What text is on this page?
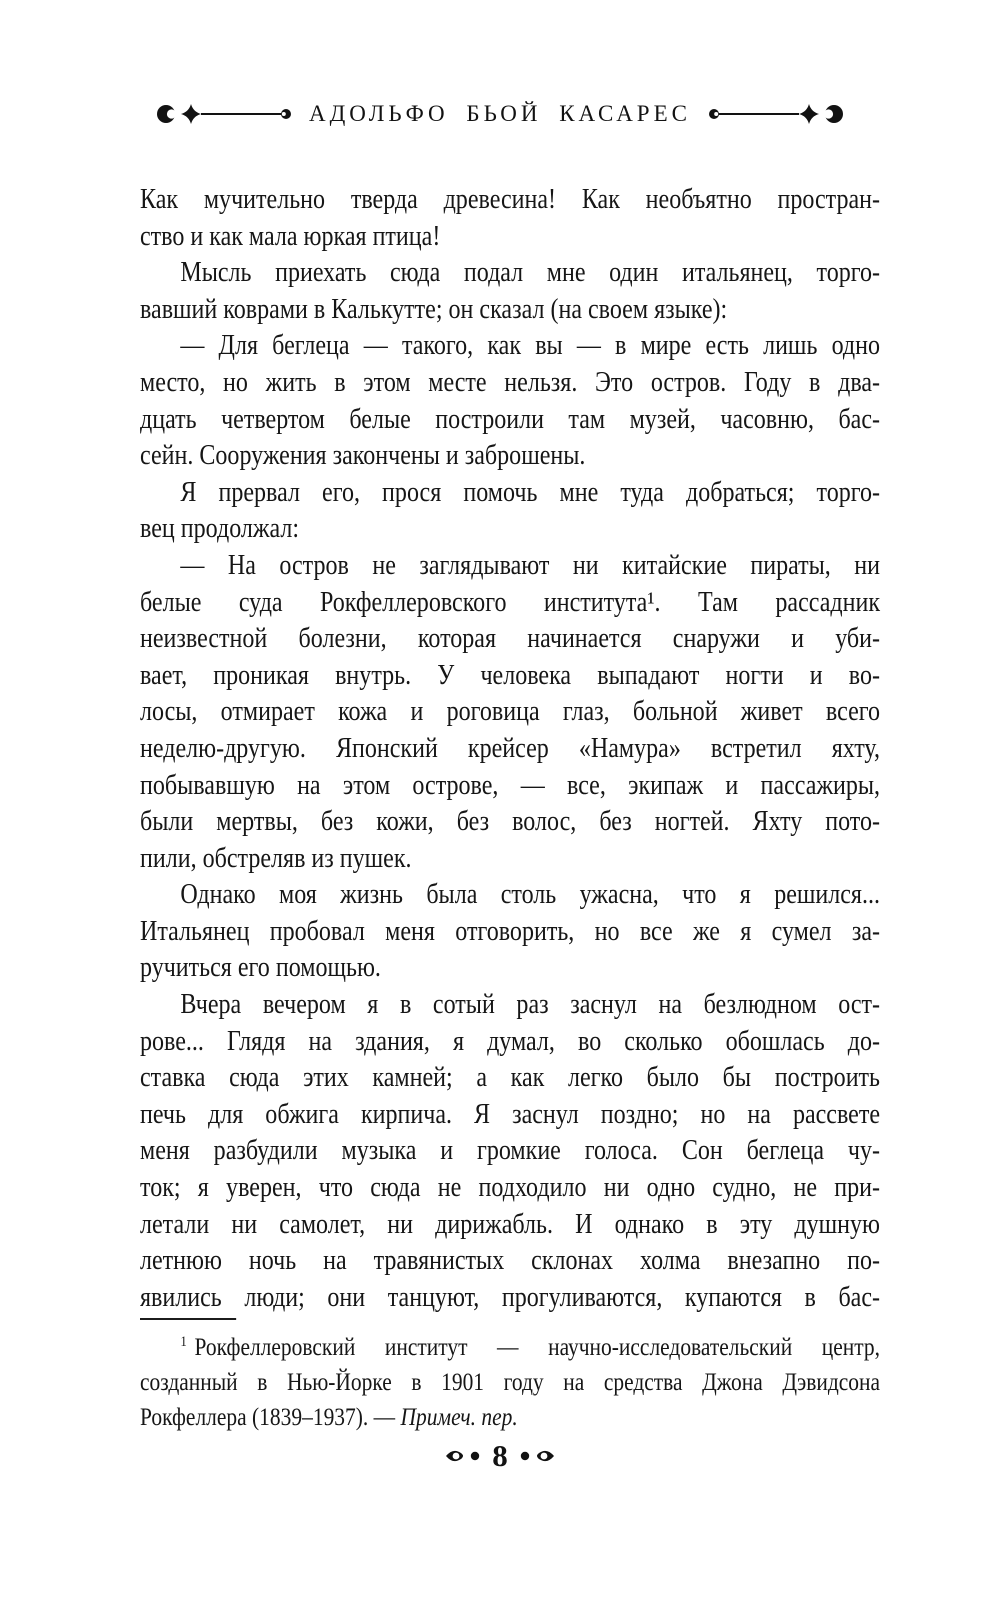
АДОЛЬФО БЬОЙ КАСАРЕС
Как мучительно тверда древесина! Как необъятно простран-
ство и как мала юркая птица!
Мысль приехать сюда подал мне один итальянец, торго-
вавший коврами в Калькутте; он сказал (на своем языке):
— Для беглеца — такого, как вы — в мире есть лишь одно
место, но жить в этом месте нельзя. Это остров. Году в два-
дцать четвертом белые построили там музей, часовню, бас-
сейн. Сооружения закончены и заброшены.
Я прервал его, прося помочь мне туда добраться; торго-
вец продолжал:
— На остров не заглядывают ни китайские пираты, ни
белые суда Рокфеллеровского института¹. Там рассадник
неизвестной болезни, которая начинается снаружи и уби-
вает, проникая внутрь. У человека выпадают ногти и во-
лосы, отмирает кожа и роговица глаз, больной живет всего
неделю-другую. Японский крейсер «Намура» встретил яхту,
побывавшую на этом острове, — все, экипаж и пассажиры,
были мертвы, без кожи, без волос, без ногтей. Яхту пото-
пили, обстреляв из пушек.
Однако моя жизнь была столь ужасна, что я решился...
Итальянец пробовал меня отговорить, но все же я сумел за-
ручиться его помощью.
Вчера вечером я в сотый раз заснул на безлюдном ост-
рове... Глядя на здания, я думал, во сколько обошлась до-
ставка сюда этих камней; а как легко было бы построить
печь для обжига кирпича. Я заснул поздно; но на рассвете
меня разбудили музыка и громкие голоса. Сон беглеца чу-
ток; я уверен, что сюда не подходило ни одно судно, не при-
летали ни самолет, ни дирижабль. И однако в эту душную
летнюю ночь на травянистых склонах холма внезапно по-
явились люди; они танцуют, прогуливаются, купаются в бас-
$^1$ Рокфеллеровский институт — научно-исследовательский центр,
созданный в Нью-Йорке в 1901 году на средства Джона Дэвидсона
Рокфеллера (1839–1937). — Примеч. пер.
8
